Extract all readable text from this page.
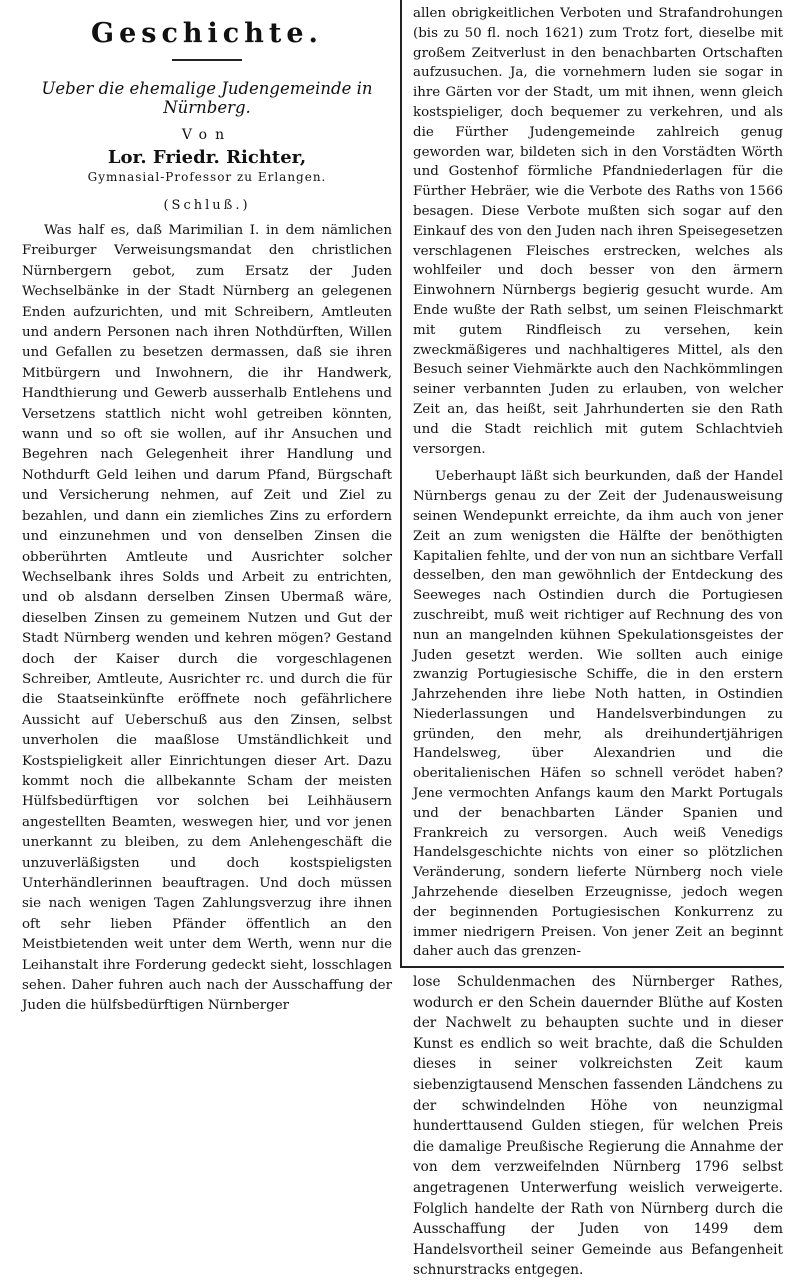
Geschichte.
Ueber die ehemalige Judengemeinde in Nürnberg.
Von
Lor. Friedr. Richter,
Gymnasial-Professor zu Erlangen.
(Schluß.)

Was half es, daß Marimilian I. in dem nämlichen Freiburger Verweisungsmandat den christlichen Nürnbergern gebot, zum Ersatz der Juden Wechselbänke in der Stadt Nürnberg an gelegenen Enden aufzurichten, und mit Schreibern, Amtleuten und andern Personen nach ihren Nothdürften, Willen und Gefallen zu besetzen dermassen, daß sie ihren Mitbürgern und Inwohnern, die ihr Handwerk, Handthierung und Gewerb ausserhalb Entlehens und Versetzens stattlich nicht wohl getreiben könnten, wann und so oft sie wollen, auf ihr Ansuchen und Begehren nach Gelegenheit ihrer Handlung und Nothdurft Geld leihen und darum Pfand, Bürgschaft und Versicherung nehmen, auf Zeit und Ziel zu bezahlen, und dann ein ziemliches Zins zu erfordern und einzunehmen und von denselben Zinsen die obberührten Amtleute und Ausrichter solcher Wechselbank ihres Solds und Arbeit zu entrichten, und ob alsdann derselben Zinsen Ubermaß wäre, dieselben Zinsen zu gemeinem Nutzen und Gut der Stadt Nürnberg wenden und kehren mögen? Gestand doch der Kaiser durch die vorgeschlagenen Schreiber, Amtleute, Ausrichter rc. und durch die für die Staatseinkünfte eröffnete noch gefährlichere Aussicht auf Ueberschuß aus den Zinsen, selbst unverholen die maaßlose Umständlichkeit und Kostspieligkeit aller Einrichtungen dieser Art. Dazu kommt noch die allbekannte Scham der meisten Hülfsbedürftigen vor solchen bei Leihhäusern angestellten Beamten, weswegen hier, und vor jenen unerkannt zu bleiben, zu dem Anlehengeschäft die unzuverläßigsten und doch kostspieligsten Unterhändlerinnen beauftragen. Und doch müssen sie nach wenigen Tagen Zahlungsverzug ihre ihnen oft sehr lieben Pfänder öffentlich an den Meistbietenden weit unter dem Werth, wenn nur die Leihanstalt ihre Forderung gedeckt sieht, losschlagen sehen. Daher fuhren auch nach der Ausschaffung der Juden die hülfsbedürftigen Nürnberger

allen obrigkeitlichen Verboten und Strafandrohungen (bis zu 50 fl. noch 1621) zum Trotz fort, dieselbe mit großem Zeitverlust in den benachbarten Ortschaften aufzusuchen. Ja, die vornehmern luden sie sogar in ihre Gärten vor der Stadt, um mit ihnen, wenn gleich kostspieliger, doch bequemer zu verkehren, und als die Fürther Judengemeinde zahlreich genug geworden war, bildeten sich in den Vorstädten Wörth und Gostenhof förmliche Pfandniederlagen für die Fürther Hebräer, wie die Verbote des Raths von 1566 besagen. Diese Verbote mußten sich sogar auf den Einkauf des von den Juden nach ihren Speisegesetzen verschlagenen Fleisches erstrecken, welches als wohlfeiler und doch besser von den ärmern Einwohnern Nürnbergs begierig gesucht wurde. Am Ende wußte der Rath selbst, um seinen Fleischmarkt mit gutem Rindfleisch zu versehen, kein zweckmäßigeres und nachhaltigeres Mittel, als den Besuch seiner Viehmärkte auch den Nachkömmlingen seiner verbannten Juden zu erlauben, von welcher Zeit an, das heißt, seit Jahrhunderten sie den Rath und die Stadt reichlich mit gutem Schlachtvieh versorgen.

Ueberhaupt läßt sich beurkunden, daß der Handel Nürnbergs genau zu der Zeit der Judenausweisung seinen Wendepunkt erreichte, da ihm auch von jener Zeit an zum wenigsten die Hälfte der benöthigten Kapitalien fehlte, und der von nun an sichtbare Verfall desselben, den man gewöhnlich der Entdeckung des Seeweges nach Ostindien durch die Portugiesen zuschreibt, muß weit richtiger auf Rechnung des von nun an mangelnden kühnen Spekulationsgeistes der Juden gesetzt werden. Wie sollten auch einige zwanzig Portugiesische Schiffe, die in den erstern Jahrzehenden ihre liebe Noth hatten, in Ostindien Niederlassungen und Handelsverbindungen zu gründen, den mehr, als dreihundertjährigen Handelsweg, über Alexandrien und die oberitalienischen Häfen so schnell verödet haben? Jene vermochten Anfangs kaum den Markt Portugals und der benachbarten Länder Spanien und Frankreich zu versorgen. Auch weiß Venedigs Handelsgeschichte nichts von einer so plötzlichen Veränderung, sondern lieferte Nürnberg noch viele Jahrzehende dieselben Erzeugnisse, jedoch wegen der beginnenden Portugiesischen Konkurrenz zu immer niedrigern Preisen. Von jener Zeit an beginnt daher auch das grenzen-

lose Schuldenmachen des Nürnberger Rathes, wodurch er den Schein dauernder Blüthe auf Kosten der Nachwelt zu behaupten suchte und in dieser Kunst es endlich so weit brachte, daß die Schulden dieses in seiner volkreichsten Zeit kaum siebenzigtausend Menschen fassenden Ländchens zu der schwindelnden Höhe von neunzigmal hunderttausend Gulden stiegen, für welchen Preis die damalige Preußische Regierung die Annahme der von dem verzweifelnden Nürnberg 1796 selbst angetragenen Unterwerfung weislich verweigerte. Folglich handelte der Rath von Nürnberg durch die Ausschaffung der Juden von 1499 dem Handelsvortheil seiner Gemeinde aus Befangenheit schnurstracks entgegen.
